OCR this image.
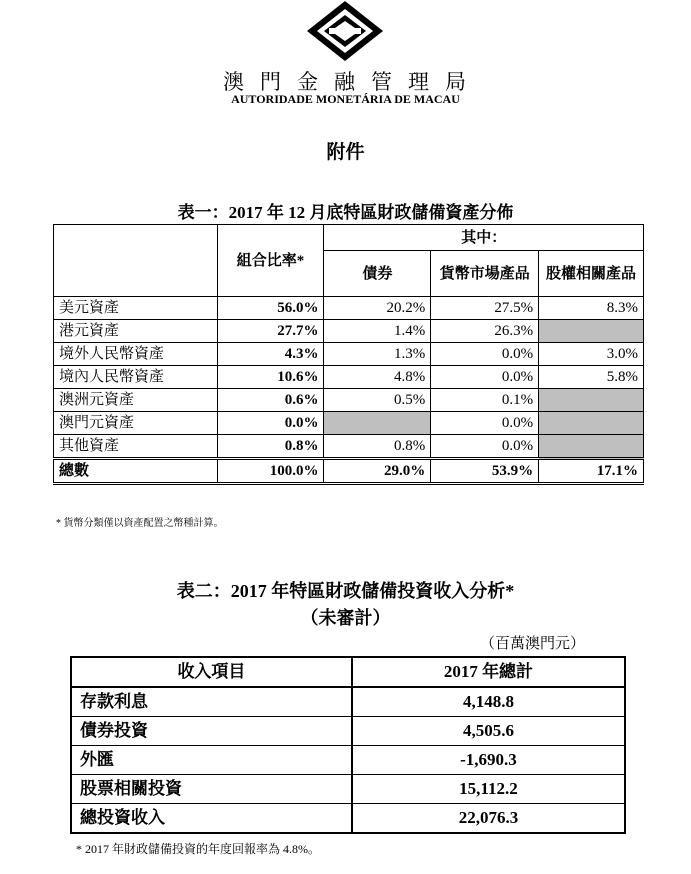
澳門金融管理局
AUTORIDADE MONETÁRIA DE MACAU
附件
表一：2017 年 12 月底特區財政儲備資產分佈
	組合比率*	其中：		
		債券	貨幣市場產品	股權相關產品
美元資產	56.0%	20.2%	27.5%	8.3%
港元資產	27.7%	1.4%	26.3%	
境外人民幣資產	4.3%	1.3%	0.0%	3.0%
境內人民幣資產	10.6%	4.8%	0.0%	5.8%
澳洲元資產	0.6%	0.5%	0.1%	
澳門元資產	0.0%		0.0%	
其他資產	0.8%	0.8%	0.0%	
總數	100.0%	29.0%	53.9%	17.1%
* 貨幣分類僅以資產配置之幣種計算。
表二：2017 年特區財政儲備投資收入分析*
（未審計）
（百萬澳門元）
收入項目	2017 年總計
存款利息	4,148.8
債券投資	4,505.6
外匯	-1,690.3
股票相關投資	15,112.2
總投資收入	22,076.3
* 2017 年財政儲備投資的年度回報率為 4.8%。
